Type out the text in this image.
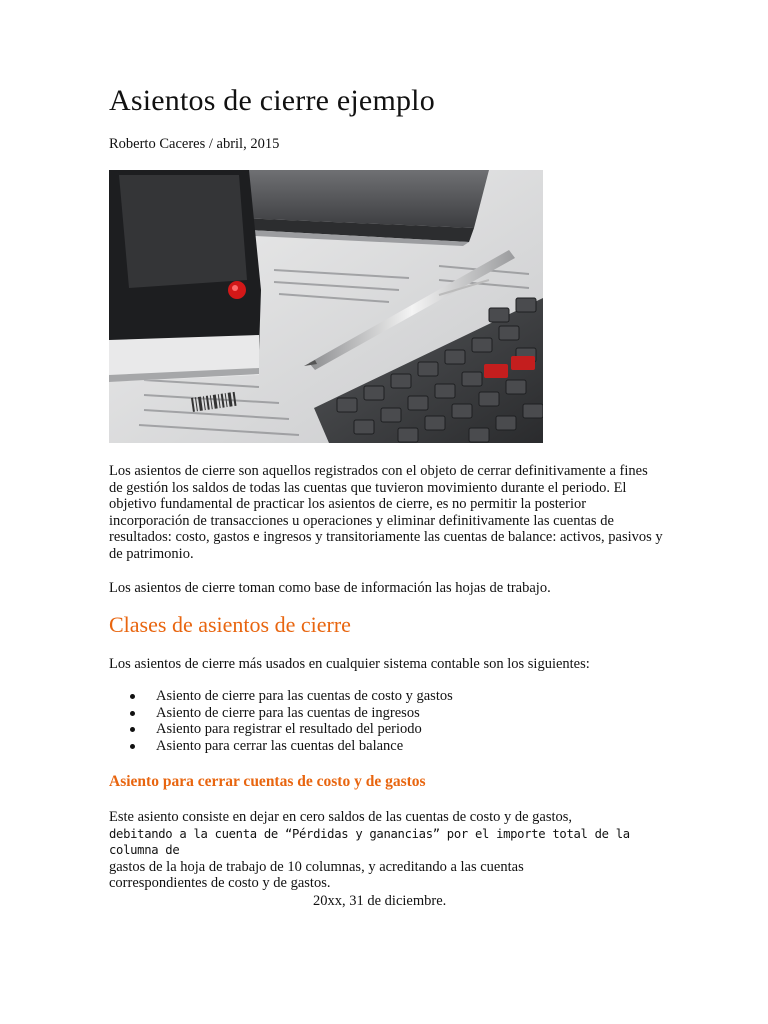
Asientos de cierre ejemplo
Roberto Caceres / abril, 2015

Los asientos de cierre son aquellos registrados con el objeto de cerrar definitivamente a fines de gestión los saldos de todas las cuentas que tuvieron movimiento durante el periodo. El objetivo fundamental de practicar los asientos de cierre, es no permitir la posterior incorporación de transacciones u operaciones y eliminar definitivamente las cuentas de resultados: costo, gastos e ingresos y transitoriamente las cuentas de balance: activos, pasivos y de patrimonio.

Los asientos de cierre toman como base de información las hojas de trabajo.

Clases de asientos de cierre

Los asientos de cierre más usados en cualquier sistema contable son los siguientes:

Asiento de cierre para las cuentas de costo y gastos
Asiento de cierre para las cuentas de ingresos
Asiento para registrar el resultado del periodo
Asiento para cerrar las cuentas del balance
Asiento para cerrar cuentas de costo y de gastos
Este asiento consiste en dejar en cero saldos de las cuentas de costo y de gastos,
debitando a la cuenta de “Pérdidas y ganancias” por el importe total de la columna de
gastos de la hoja de trabajo de 10 columnas, y acreditando a las cuentas
correspondientes de costo y de gastos.
20xx, 31 de diciembre.
